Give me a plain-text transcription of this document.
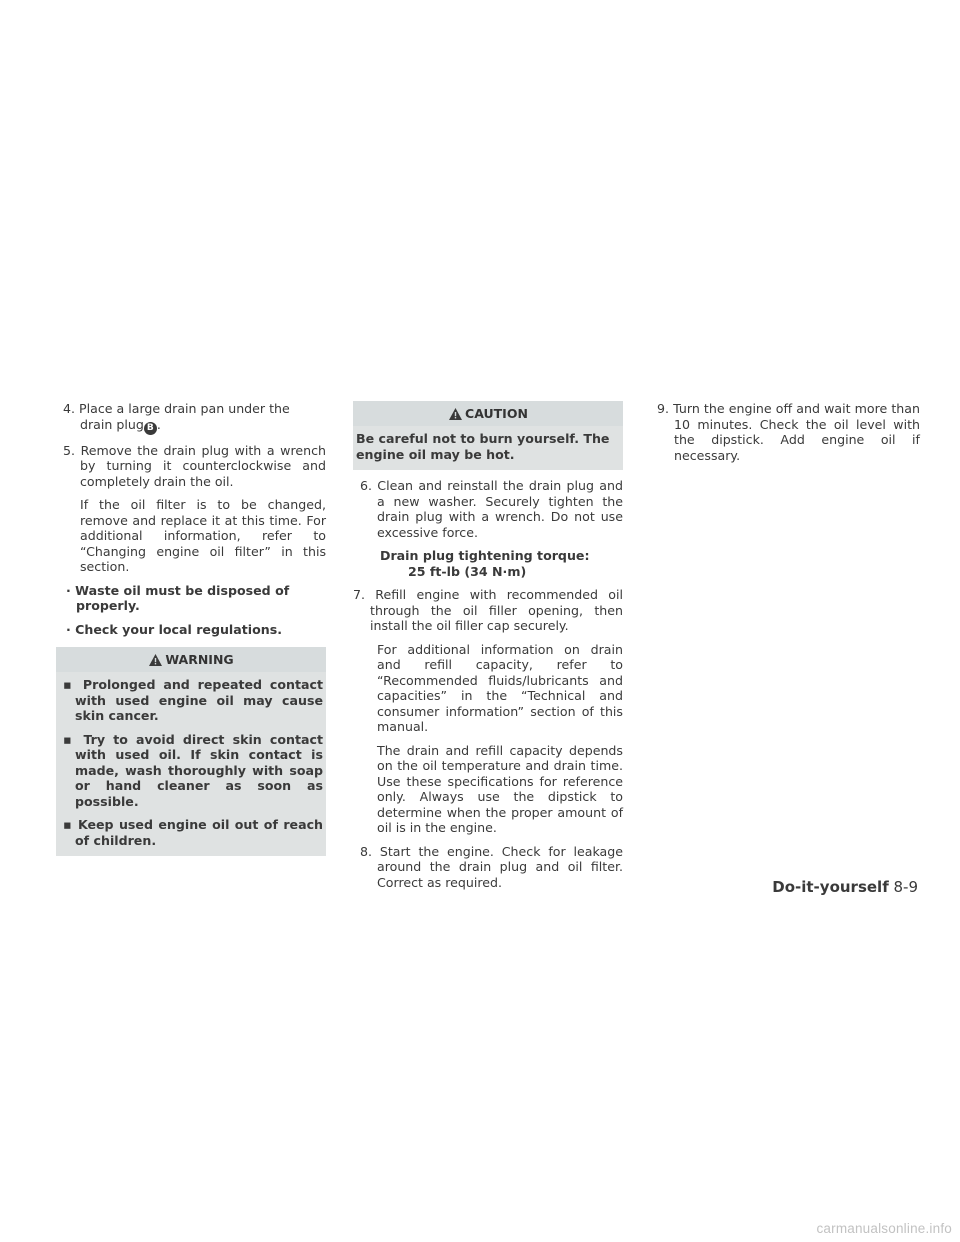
4. Place a large drain pan under the drain plug B .

5. Remove the drain plug with a wrench by turning it counterclockwise and completely drain the oil.

If the oil filter is to be changed, remove and replace it at this time. For additional information, refer to “Changing engine oil filter” in this section.

· Waste oil must be disposed of properly.

· Check your local regulations.

WARNING

▪ Prolonged and repeated contact with used engine oil may cause skin cancer.

▪ Try to avoid direct skin contact with used oil. If skin contact is made, wash thoroughly with soap or hand cleaner as soon as possible.

▪ Keep used engine oil out of reach of children.

CAUTION

Be careful not to burn yourself. The engine oil may be hot.

6. Clean and reinstall the drain plug and a new washer. Securely tighten the drain plug with a wrench. Do not use excessive force.

Drain plug tightening torque:

25 ft-lb (34 N·m)

7. Refill engine with recommended oil through the oil filler opening, then install the oil filler cap securely.

For additional information on drain and refill capacity, refer to “Recommended fluids/lubricants and capacities” in the “Technical and consumer information” section of this manual.

The drain and refill capacity depends on the oil temperature and drain time. Use these specifications for reference only. Always use the dipstick to determine when the proper amount of oil is in the engine.

8. Start the engine. Check for leakage around the drain plug and oil filter. Correct as required.

9. Turn the engine off and wait more than 10 minutes. Check the oil level with the dipstick. Add engine oil if necessary.

Do-it-yourself 8-9
carmanualsonline.info
